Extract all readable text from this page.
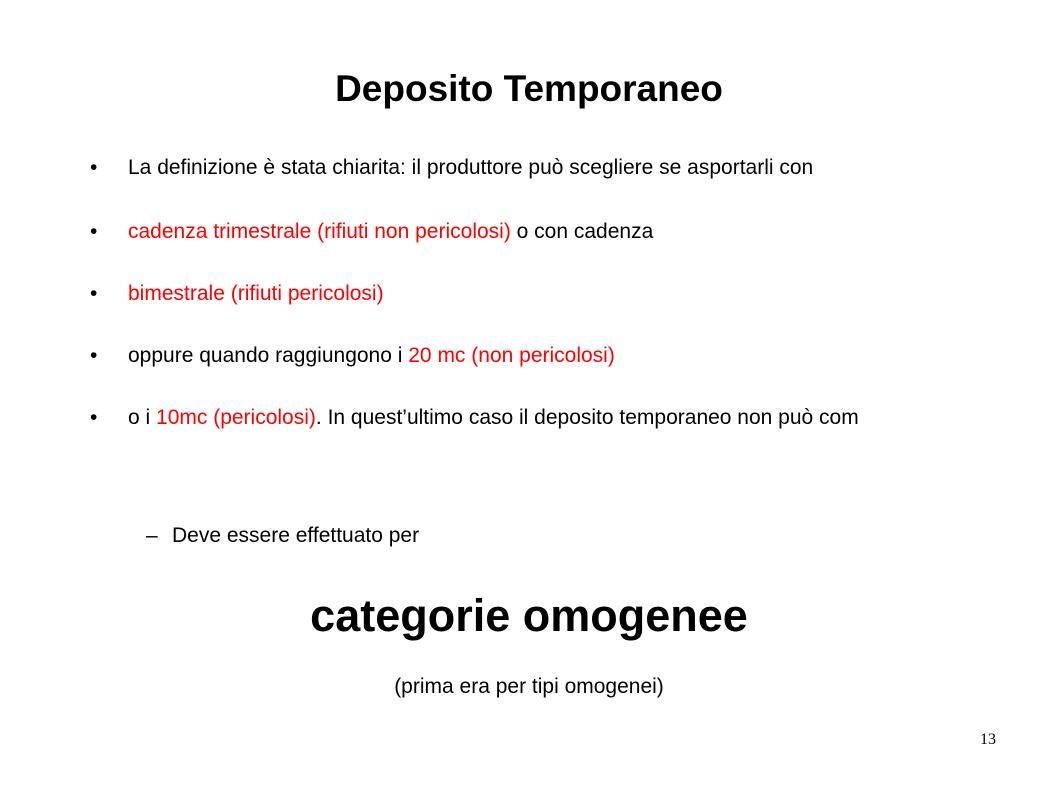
Deposito Temporaneo
• La definizione è stata chiarita: il produttore può scegliere se asportarli con
• cadenza trimestrale (rifiuti non pericolosi) o con cadenza
• bimestrale (rifiuti pericolosi)
• oppure quando raggiungono i 20 mc (non pericolosi)
• o i 10mc (pericolosi). In quest’ultimo caso il deposito temporaneo non può com
– Deve essere effettuato per
categorie omogenee
(prima era per tipi omogenei)
13
